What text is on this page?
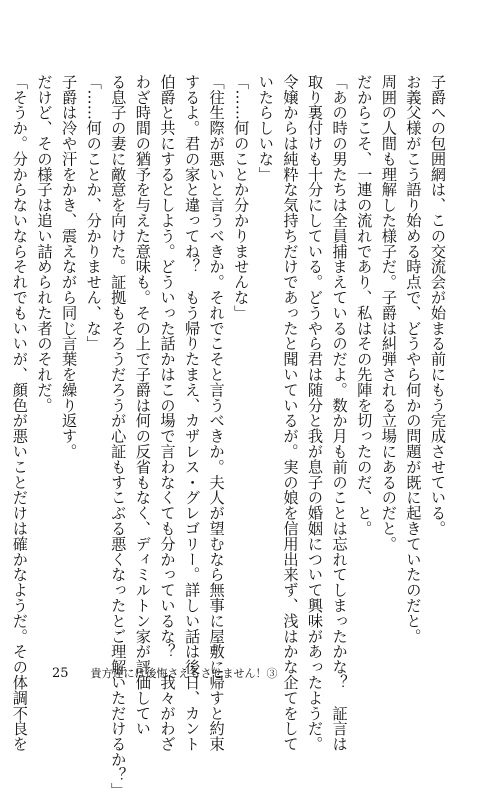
子爵への包囲網は、この交流会が始まる前にもう完成させている。
お義父様がこう語り始める時点で、どうやら何かの問題が既に起きていたのだと。
周囲の人間も理解した様子だ。子爵は糾弾される立場にあるのだと。
だからこそ、一連の流れであり、私はその先陣を切ったのだ、と。
「あの時の男たちは全員捕まえているのだよ。数か月も前のことは忘れてしまったかな？　証言は
取り裏付けも十分にしている。どうやら君は随分と我が息子の婚姻について興味があったようだ。
令嬢からは純粋な気持ちだけであったと聞いているが。実の娘を信用出来ず、浅はかな企てをして
いたらしいな」
「……何のことか分かりませんな」
「往生際が悪いと言うべきか。それでこそと言うべきか。夫人が望むなら無事に屋敷に帰すと約束
するよ。君の家と違ってね？　もう帰りたまえ、カザレス・グレゴリー。詳しい話は後日、カント
伯爵と共にするとしよう。どういった話かはこの場で言わなくても分かっているな？　我々がわざ
わざ時間の猶予を与えた意味も。その上で子爵は何の反省もなく、ディミルトン家が評価してい
る息子の妻に敵意を向けた。証拠もそろうだろうが心証もすこぶる悪くなったとご理解いただけるか？」
「……何のことか、分かりません、な」
子爵は冷や汗をかき、震えながら同じ言葉を繰り返す。
だけど、その様子は追い詰められた者のそれだ。
「そうか。分からないならそれでもいいが、顔色が悪いことだけは確かなようだ。その体調不良を 25 貴方達には後悔さえもさせません！③
